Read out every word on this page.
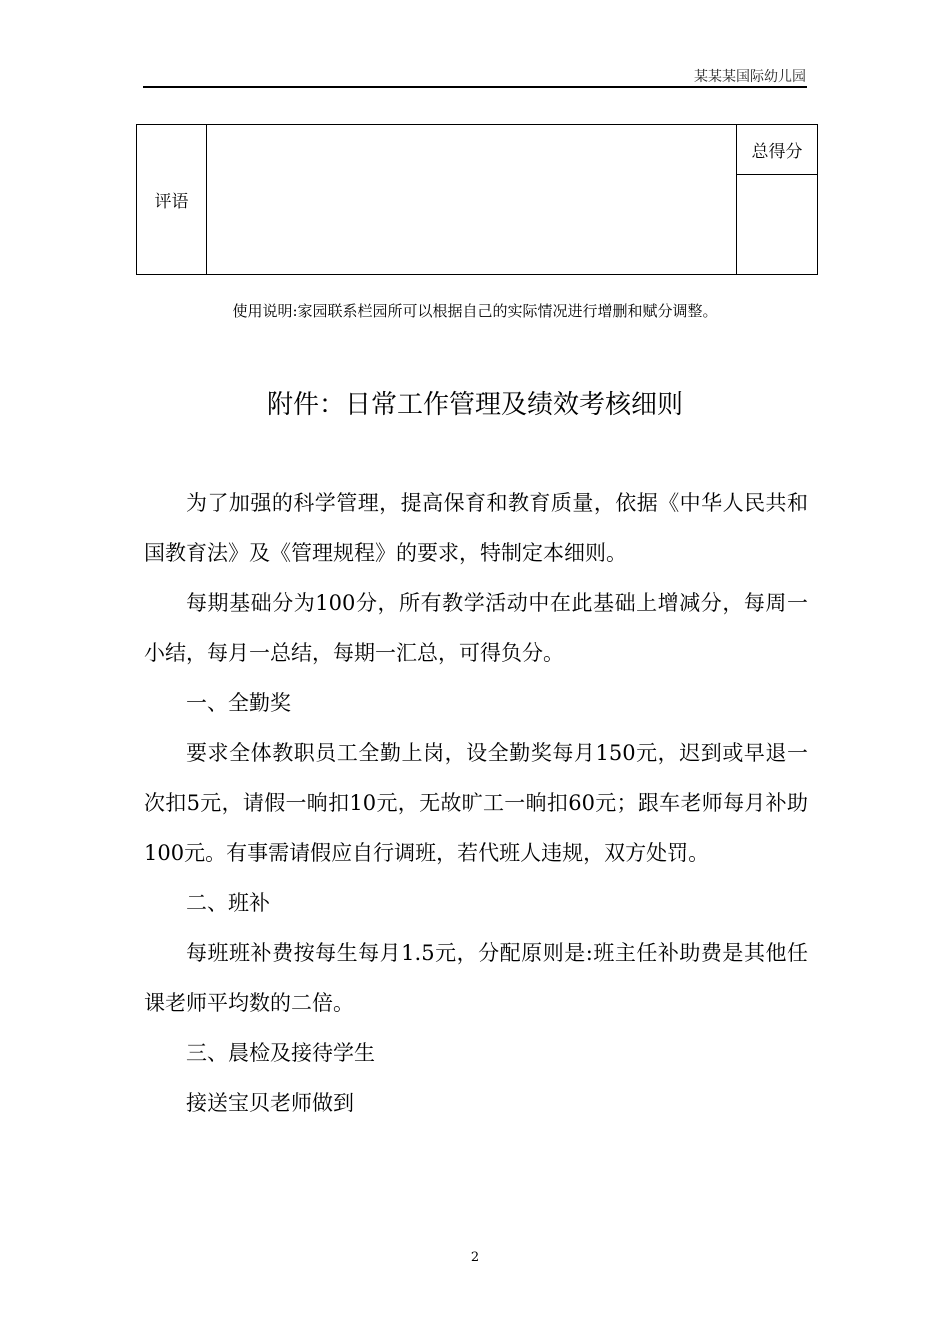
某某某国际幼儿园
评语		总得分

使用说明:家园联系栏园所可以根据自己的实际情况进行增删和赋分调整。
附件：日常工作管理及绩效考核细则

为了加强的科学管理，提高保育和教育质量，依据《中华人民共和国教育法》及《管理规程》的要求，特制定本细则。

每期基础分为100分，所有教学活动中在此基础上增减分，每周一小结，每月一总结，每期一汇总，可得负分。

一、全勤奖

要求全体教职员工全勤上岗，设全勤奖每月150元，迟到或早退一次扣5元，请假一晌扣10元，无故旷工一晌扣60元；跟车老师每月补助100元。有事需请假应自行调班，若代班人违规，双方处罚。

二、班补

每班班补费按每生每月1.5元，分配原则是:班主任补助费是其他任课老师平均数的二倍。

三、晨检及接待学生

接送宝贝老师做到

2
